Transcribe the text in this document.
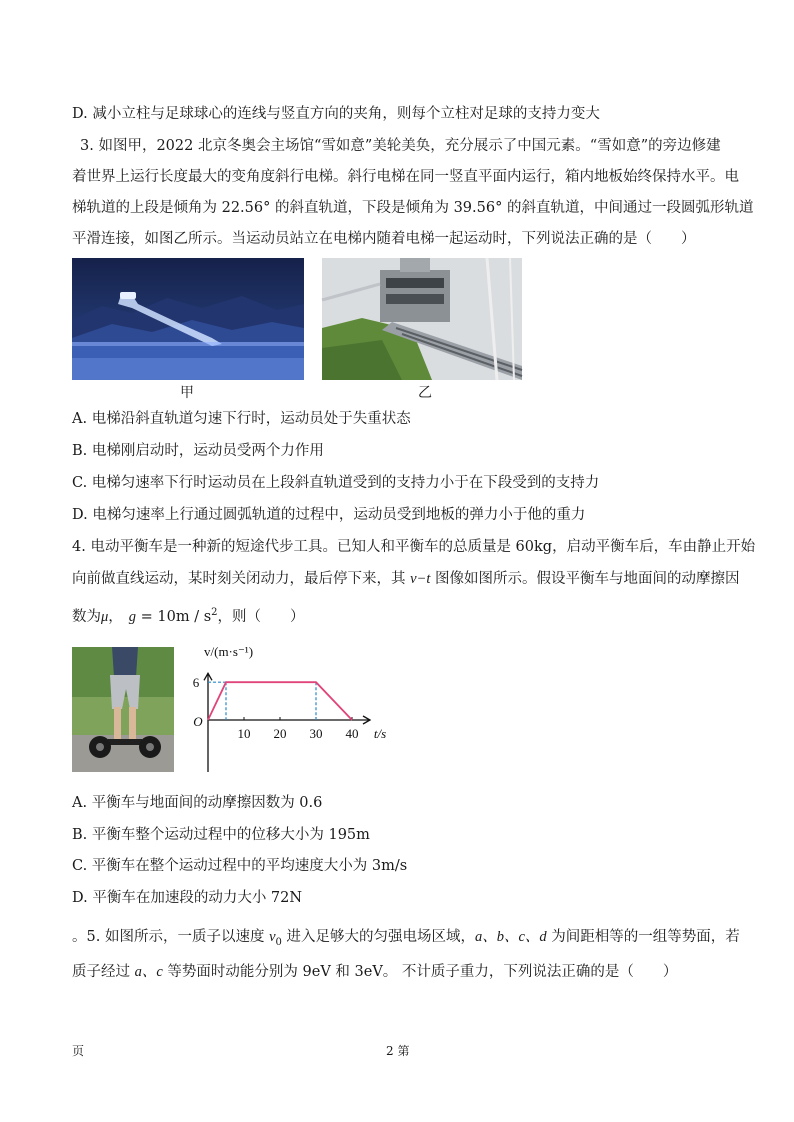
D. 减小立柱与足球球心的连线与竖直方向的夹角，则每个立柱对足球的支持力变大
3. 如图甲，2022 北京冬奥会主场馆“雪如意”美轮美奂，充分展示了中国元素。“雪如意”的旁边修建
着世界上运行长度最大的变角度斜行电梯。斜行电梯在同一竖直平面内运行，箱内地板始终保持水平。电
梯轨道的上段是倾角为 22.56° 的斜直轨道，下段是倾角为 39.56° 的斜直轨道，中间通过一段圆弧形轨道
平滑连接，如图乙所示。当运动员站立在电梯内随着电梯一起运动时，下列说法正确的是（　　）
甲	乙
A. 电梯沿斜直轨道匀速下行时，运动员处于失重状态
B. 电梯刚启动时，运动员受两个力作用
C. 电梯匀速率下行时运动员在上段斜直轨道受到的支持力小于在下段受到的支持力
D. 电梯匀速率上行通过圆弧轨道的过程中，运动员受到地板的弹力小于他的重力
4. 电动平衡车是一种新的短途代步工具。已知人和平衡车的总质量是 60kg，启动平衡车后，车由静止开始
向前做直线运动，某时刻关闭动力，最后停下来，其 v−t 图像如图所示。假设平衡车与地面间的动摩擦因
数为μ， $g = 10m / s^2$，则（　　）
v/(m·s⁻¹)
t/s
O
10 20 30 40
6
A. 平衡车与地面间的动摩擦因数为 0.6
B. 平衡车整个运动过程中的位移大小为 195m
C. 平衡车在整个运动过程中的平均速度大小为 3m/s
D. 平衡车在加速段的动力大小 72N
。5. 如图所示，一质子以速度 $v_0$ 进入足够大的匀强电场区域，a、b、c、d 为间距相等的一组等势面，若
质子经过 a、c 等势面时动能分别为 9eV 和 3eV。 不计质子重力，下列说法正确的是（　　）
页	2 第
